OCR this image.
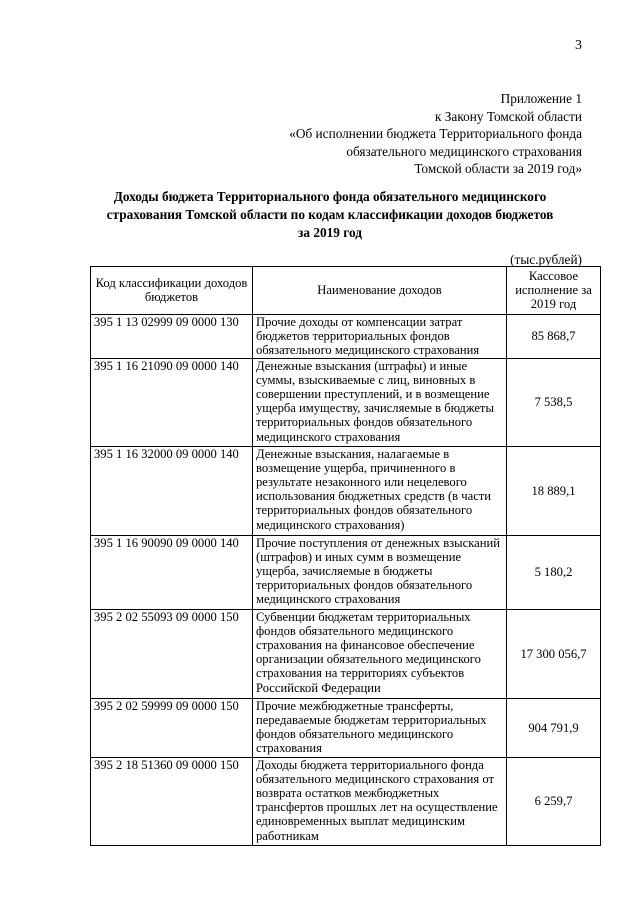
3
Приложение 1
к Закону Томской области
«Об исполнении бюджета Территориального фонда
обязательного медицинского страхования
Томской области за 2019 год»
Доходы бюджета Территориального фонда обязательного медицинского
страхования Томской области по кодам классификации доходов бюджетов
за 2019 год
(тыс.рублей)
Код классификации доходов бюджетов	Наименование доходов	Кассовое исполнение за 2019 год
395 1 13 02999 09 0000 130	Прочие доходы от компенсации затрат бюджетов территориальных фондов обязательного медицинского страхования	85 868,7
395 1 16 21090 09 0000 140	Денежные взыскания (штрафы) и иные суммы, взыскиваемые с лиц, виновных в совершении преступлений, и в возмещение ущерба имуществу, зачисляемые в бюджеты территориальных фондов обязательного медицинского страхования	7 538,5
395 1 16 32000 09 0000 140	Денежные взыскания, налагаемые в возмещение ущерба, причиненного в результате незаконного или нецелевого использования бюджетных средств (в части территориальных фондов обязательного медицинского страхования)	18 889,1
395 1 16 90090 09 0000 140	Прочие поступления от денежных взысканий (штрафов) и иных сумм в возмещение ущерба, зачисляемые в бюджеты территориальных фондов обязательного медицинского страхования	5 180,2
395 2 02 55093 09 0000 150	Субвенции бюджетам территориальных фондов обязательного медицинского страхования на финансовое обеспечение организации обязательного медицинского страхования на территориях субъектов Российской Федерации	17 300 056,7
395 2 02 59999 09 0000 150	Прочие межбюджетные трансферты, передаваемые бюджетам территориальных фондов обязательного медицинского страхования	904 791,9
395 2 18 51360 09 0000 150	Доходы бюджета территориального фонда обязательного медицинского страхования от возврата остатков межбюджетных трансфертов прошлых лет на осуществление единовременных выплат медицинским работникам	6 259,7
